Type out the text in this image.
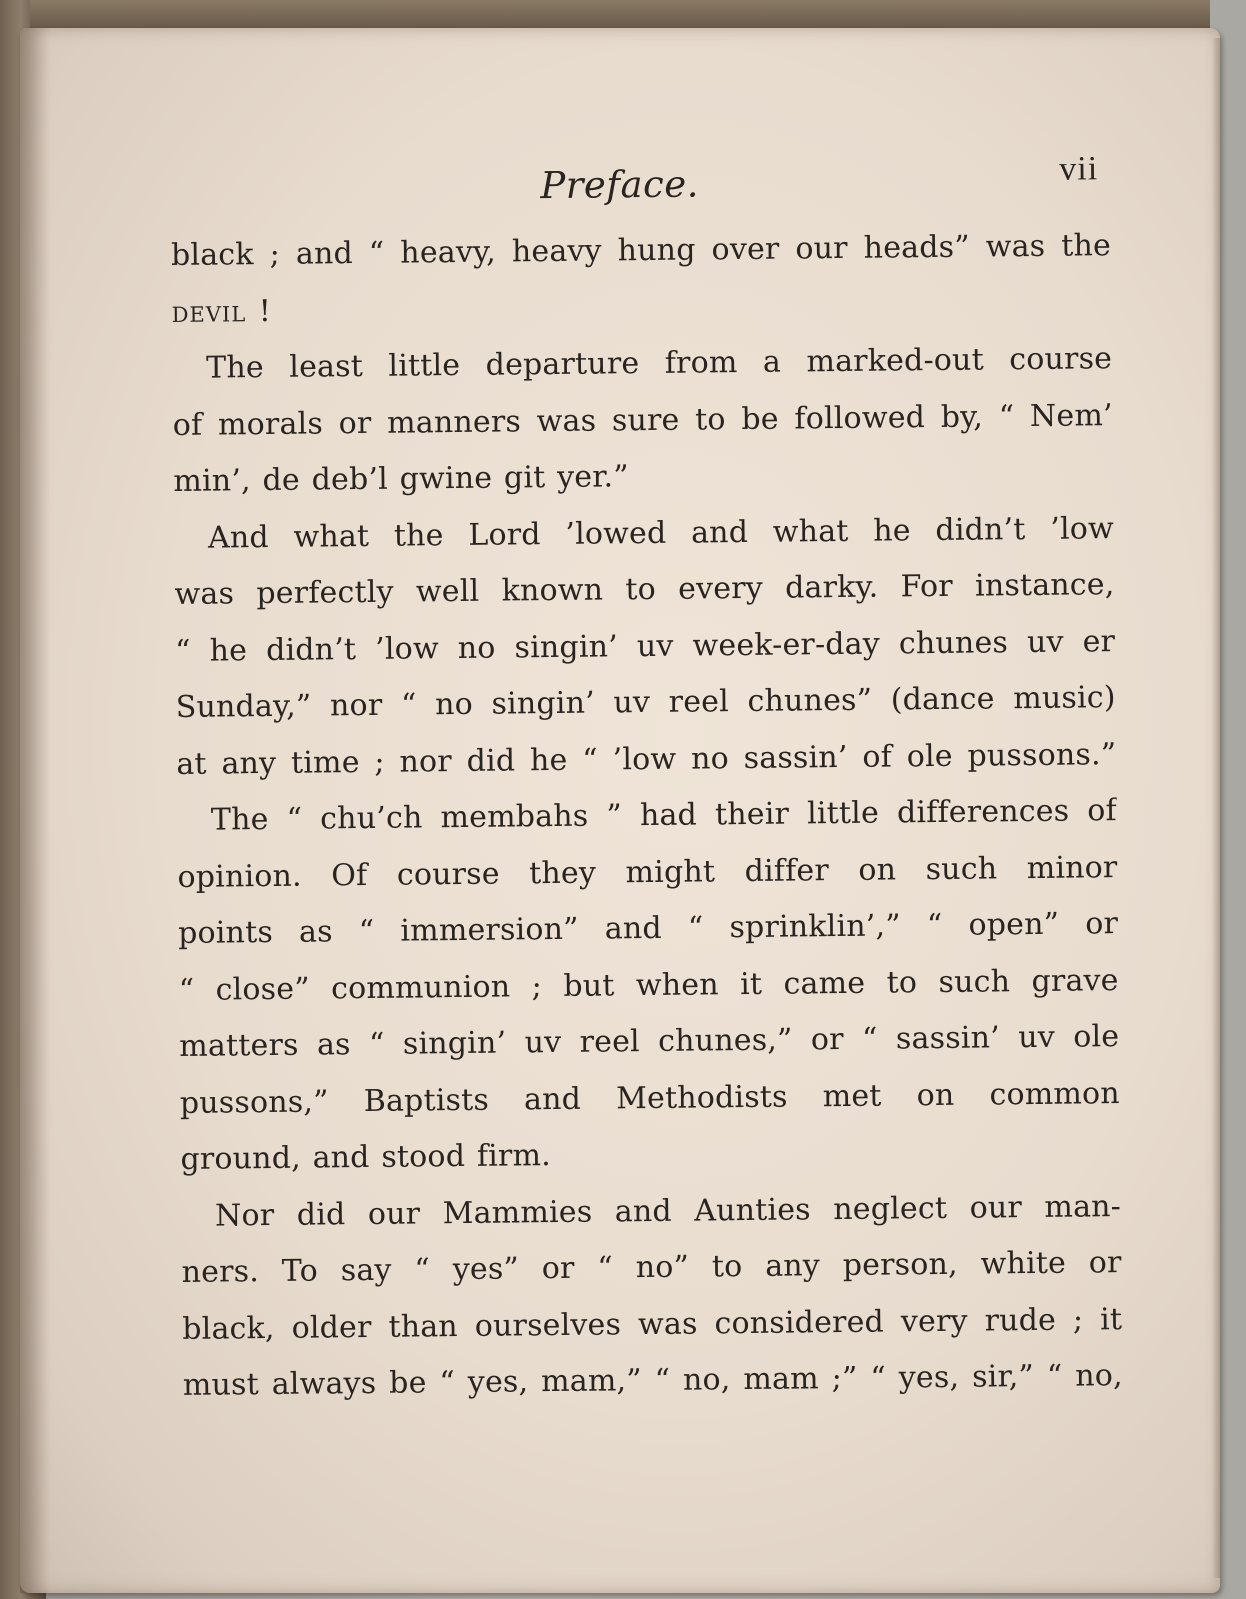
Preface.	vii

black ; and “ heavy, heavy hung over our heads” was the
devil !

The least little departure from a marked-out course
of morals or manners was sure to be followed by, “ Nem’
min’, de deb’l gwine git yer.”

And what the Lord ’lowed and what he didn’t ’low
was perfectly well known to every darky. For instance,
“ he didn’t ’low no singin’ uv week-er-day chunes uv er
Sunday,” nor “ no singin’ uv reel chunes” (dance music)
at any time ; nor did he “ ’low no sassin’ of ole pussons.”

The “ chu’ch membahs ” had their little differences of
opinion. Of course they might differ on such minor
points as “ immersion” and “ sprinklin’,” “ open” or
“ close” communion ; but when it came to such grave
matters as “ singin’ uv reel chunes,” or “ sassin’ uv ole
pussons,” Baptists and Methodists met on common
ground, and stood firm.

Nor did our Mammies and Aunties neglect our man-
ners. To say “ yes” or “ no” to any person, white or
black, older than ourselves was considered very rude ; it
must always be “ yes, mam,” “ no, mam ;” “ yes, sir,” “ no,
